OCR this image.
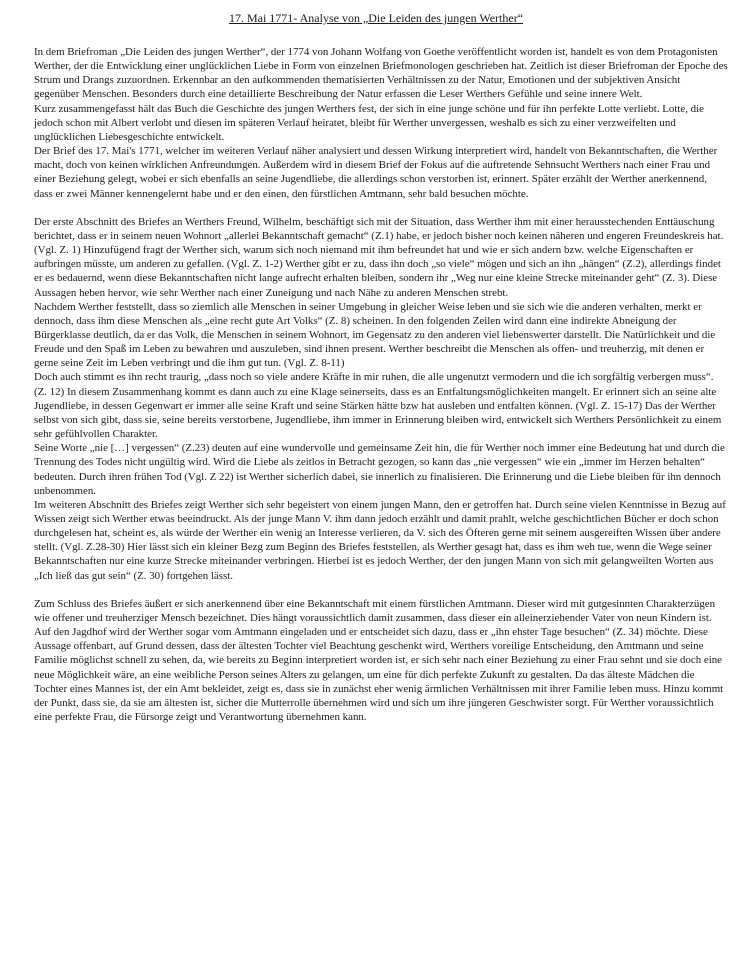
17. Mai 1771- Analyse von „Die Leiden des jungen Werther“

In dem Briefroman „Die Leiden des jungen Werther“, der 1774 von Johann Wolfang von Goethe veröffentlicht worden ist, handelt es von dem Protagonisten Werther, der die Entwicklung einer unglücklichen Liebe in Form von einzelnen Briefmonologen geschrieben hat. Zeitlich ist dieser Briefroman der Epoche des Strum und Drangs zuzuordnen. Erkennbar an den aufkommenden thematisierten Verhältnissen zu der Natur, Emotionen und der subjektiven Ansicht gegenüber Menschen. Besonders durch eine detaillierte Beschreibung der Natur erfassen die Leser Werthers Gefühle und seine innere Welt.

Kurz zusammengefasst hält das Buch die Geschichte des jungen Werthers fest, der sich in eine junge schöne und für ihn perfekte Lotte verliebt. Lotte, die jedoch schon mit Albert verlobt und diesen im späteren Verlauf heiratet, bleibt für Werther unvergessen, weshalb es sich zu einer verzweifelten und unglücklichen Liebesgeschichte entwickelt.

Der Brief des 17. Mai's 1771, welcher im weiteren Verlauf näher analysiert und dessen Wirkung interpretiert wird, handelt von Bekanntschaften, die Werther macht, doch von keinen wirklichen Anfreundungen. Außerdem wird in diesem Brief der Fokus auf die auftretende Sehnsucht Werthers nach einer Frau und einer Beziehung gelegt, wobei er sich ebenfalls an seine Jugendliebe, die allerdings schon verstorben ist, erinnert. Später erzählt der Werther anerkennend, dass er zwei Männer kennengelernt habe und er den einen, den fürstlichen Amtmann, sehr bald besuchen möchte.

Der erste Abschnitt des Briefes an Werthers Freund, Wilhelm, beschäftigt sich mit der Situation, dass Werther ihm mit einer herausstechenden Enttäuschung berichtet, dass er in seinem neuen Wohnort „allerlei Bekanntschaft gemacht“ (Z.1) habe, er jedoch bisher noch keinen näheren und engeren Freundeskreis hat. (Vgl. Z. 1) Hinzufügend fragt der Werther sich, warum sich noch niemand mit ihm befreundet hat und wie er sich andern bzw. welche Eigenschaften er aufbringen müsste, um anderen zu gefallen. (Vgl. Z. 1-2) Werther gibt er zu, dass ihn doch „so viele“ mögen und sich an ihn „hängen“ (Z.2), allerdings findet er es bedauernd, wenn diese Bekanntschaften nicht lange aufrecht erhalten bleiben, sondern ihr „Weg nur eine kleine Strecke miteinander geht“ (Z. 3). Diese Aussagen heben hervor, wie sehr Werther nach einer Zuneigung und nach Nähe zu anderen Menschen strebt.

Nachdem Werther feststellt, dass so ziemlich alle Menschen in seiner Umgebung in gleicher Weise leben und sie sich wie die anderen verhalten, merkt er dennoch, dass ihm diese Menschen als „eine recht gute Art Volks“ (Z. 8) scheinen. In den folgenden Zeilen wird dann eine indirekte Abneigung der Bürgerklasse deutlich, da er das Volk, die Menschen in seinem Wohnort, im Gegensatz zu den anderen viel liebenswerter darstellt. Die Natürlichkeit und die Freude und den Spaß im Leben zu bewahren und auszuleben, sind ihnen present. Werther beschreibt die Menschen als offen- und treuherzig, mit denen er gerne seine Zeit im Leben verbringt und die ihm gut tun. (Vgl. Z. 8-11)

Doch auch stimmt es ihn recht traurig, „dass noch so viele andere Kräfte in mir ruhen, die alle ungenutzt vermodern und die ich sorgfältig verbergen muss“. (Z. 12) In diesem Zusammenhang kommt es dann auch zu eine Klage seinerseits, dass es an Entfaltungsmöglichkeiten mangelt. Er erinnert sich an seine alte Jugendliebe, in dessen Gegenwart er immer alle seine Kraft und seine Stärken hätte bzw hat ausleben und entfalten können. (Vgl. Z. 15-17) Das der Werther selbst von sich gibt, dass sie, seine bereits verstorbene, Jugendliebe, ihm immer in Erinnerung bleiben wird, entwickelt sich Werthers Persönlichkeit zu einem sehr gefühlvollen Charakter.

Seine Worte „nie […] vergessen“ (Z.23) deuten auf eine wundervolle und gemeinsame Zeit hin, die für Werther noch immer eine Bedeutung hat und durch die Trennung des Todes nicht ungültig wird. Wird die Liebe als zeitlos in Betracht gezogen, so kann das „nie vergessen“ wie ein „immer im Herzen behalten“ bedeuten. Durch ihren frühen Tod (Vgl. Z 22) ist Werther sicherlich dabei, sie innerlich zu finalisieren. Die Erinnerung und die Liebe bleiben für ihn dennoch unbenommen.

Im weiteren Abschnitt des Briefes zeigt Werther sich sehr begeistert von einem jungen Mann, den er getroffen hat. Durch seine vielen Kenntnisse in Bezug auf Wissen zeigt sich Werther etwas beeindruckt. Als der junge Mann V. ihm dann jedoch erzählt und damit prahlt, welche geschichtlichen Bücher er doch schon durchgelesen hat, scheint es, als würde der Werther ein wenig an Interesse verlieren, da V. sich des Öfteren gerne mit seinem ausgereiften Wissen über andere stellt. (Vgl. Z.28-30) Hier lässt sich ein kleiner Bezg zum Beginn des Briefes feststellen, als Werther gesagt hat, dass es ihm weh tue, wenn die Wege seiner Bekanntschaften nur eine kurze Strecke miteinander verbringen. Hierbei ist es jedoch Werther, der den jungen Mann von sich mit gelangweilten Worten aus „Ich ließ das gut sein“ (Z. 30) fortgehen lässt.

Zum Schluss des Briefes äußert er sich anerkennend über eine Bekanntschaft mit einem fürstlichen Amtmann. Dieser wird mit gutgesinnten Charakterzügen wie offener und treuherziger Mensch bezeichnet. Dies hängt voraussichtlich damit zusammen, dass dieser ein alleinerziehender Vater von neun Kindern ist. Auf den Jagdhof wird der Werther sogar vom Amtmann eingeladen und er entscheidet sich dazu, dass er „ihn ehster Tage besuchen“ (Z. 34) möchte. Diese Aussage offenbart, auf Grund dessen, dass der ältesten Tochter viel Beachtung geschenkt wird, Werthers voreilige Entscheidung, den Amtmann und seine Familie möglichst schnell zu sehen, da, wie bereits zu Beginn interpretiert worden ist, er sich sehr nach einer Beziehung zu einer Frau sehnt und sie doch eine neue Möglichkeit wäre, an eine weibliche Person seines Alters zu gelangen, um eine für dich perfekte Zukunft zu gestalten. Da das älteste Mädchen die Tochter eines Mannes ist, der ein Amt bekleidet, zeigt es, dass sie in zunächst eher wenig ärmlichen Verhältnissen mit ihrer Familie leben muss. Hinzu kommt der Punkt, dass sie, da sie am ältesten ist, sicher die Mutterrolle übernehmen wird und sich um ihre jüngeren Geschwister sorgt. Für Werther voraussichtlich eine perfekte Frau, die Fürsorge zeigt und Verantwortung übernehmen kann.
